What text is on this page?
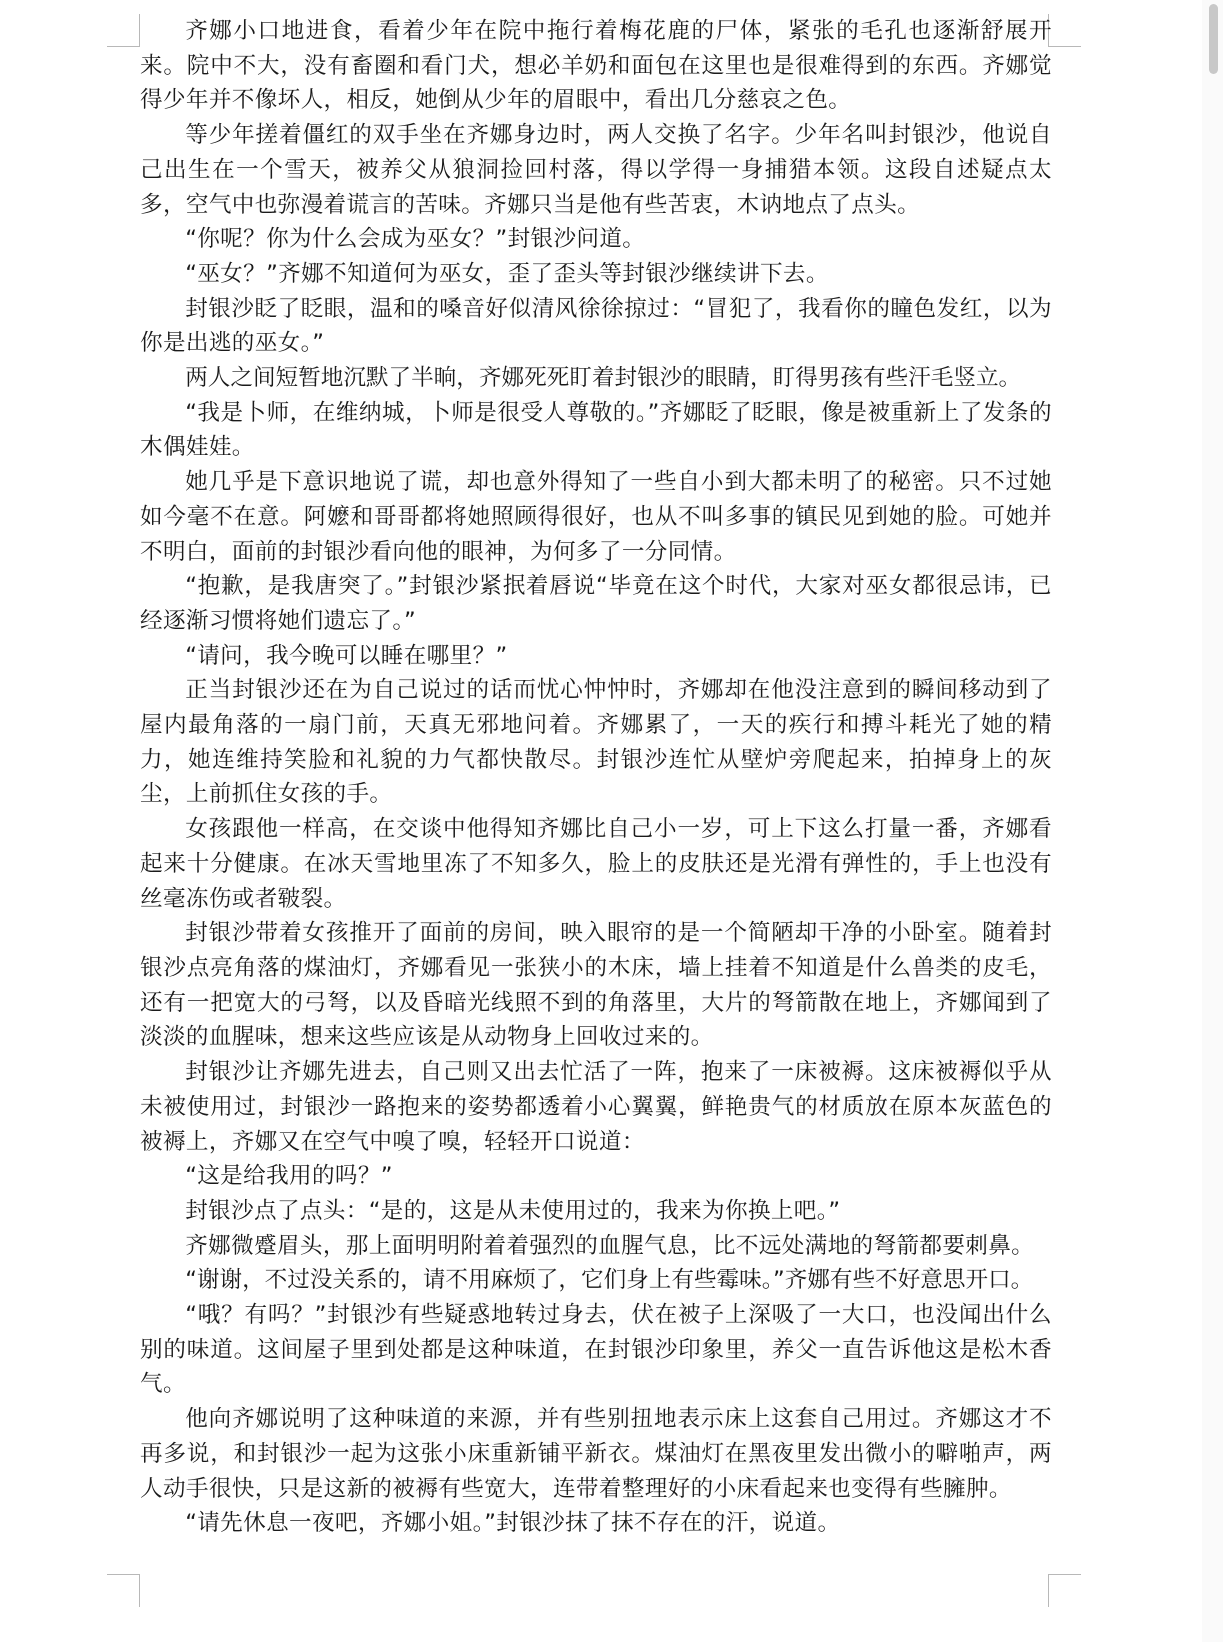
齐娜小口地进食，看着少年在院中拖行着梅花鹿的尸体，紧张的毛孔也逐渐舒展开来。院中不大，没有畜圈和看门犬，想必羊奶和面包在这里也是很难得到的东西。齐娜觉得少年并不像坏人，相反，她倒从少年的眉眼中，看出几分慈哀之色。

等少年搓着僵红的双手坐在齐娜身边时，两人交换了名字。少年名叫封银沙，他说自己出生在一个雪天，被养父从狼洞捡回村落，得以学得一身捕猎本领。这段自述疑点太多，空气中也弥漫着谎言的苦味。齐娜只当是他有些苦衷，木讷地点了点头。

“你呢？你为什么会成为巫女？”封银沙问道。

“巫女？”齐娜不知道何为巫女，歪了歪头等封银沙继续讲下去。

封银沙眨了眨眼，温和的嗓音好似清风徐徐掠过：“冒犯了，我看你的瞳色发红，以为你是出逃的巫女。”

两人之间短暂地沉默了半晌，齐娜死死盯着封银沙的眼睛，盯得男孩有些汗毛竖立。

“我是卜师，在维纳城，卜师是很受人尊敬的。”齐娜眨了眨眼，像是被重新上了发条的木偶娃娃。

她几乎是下意识地说了谎，却也意外得知了一些自小到大都未明了的秘密。只不过她如今毫不在意。阿嬷和哥哥都将她照顾得很好，也从不叫多事的镇民见到她的脸。可她并不明白，面前的封银沙看向他的眼神，为何多了一分同情。

“抱歉，是我唐突了。”封银沙紧抿着唇说“毕竟在这个时代，大家对巫女都很忌讳，已经逐渐习惯将她们遗忘了。”

“请问，我今晚可以睡在哪里？”

正当封银沙还在为自己说过的话而忧心忡忡时，齐娜却在他没注意到的瞬间移动到了屋内最角落的一扇门前，天真无邪地问着。齐娜累了，一天的疾行和搏斗耗光了她的精力，她连维持笑脸和礼貌的力气都快散尽。封银沙连忙从壁炉旁爬起来，拍掉身上的灰尘，上前抓住女孩的手。

女孩跟他一样高，在交谈中他得知齐娜比自己小一岁，可上下这么打量一番，齐娜看起来十分健康。在冰天雪地里冻了不知多久，脸上的皮肤还是光滑有弹性的，手上也没有丝毫冻伤或者皲裂。

封银沙带着女孩推开了面前的房间，映入眼帘的是一个简陋却干净的小卧室。随着封银沙点亮角落的煤油灯，齐娜看见一张狭小的木床，墙上挂着不知道是什么兽类的皮毛，还有一把宽大的弓弩，以及昏暗光线照不到的角落里，大片的弩箭散在地上，齐娜闻到了淡淡的血腥味，想来这些应该是从动物身上回收过来的。

封银沙让齐娜先进去，自己则又出去忙活了一阵，抱来了一床被褥。这床被褥似乎从未被使用过，封银沙一路抱来的姿势都透着小心翼翼，鲜艳贵气的材质放在原本灰蓝色的被褥上，齐娜又在空气中嗅了嗅，轻轻开口说道：

“这是给我用的吗？”

封银沙点了点头：“是的，这是从未使用过的，我来为你换上吧。”

齐娜微蹙眉头，那上面明明附着着强烈的血腥气息，比不远处满地的弩箭都要刺鼻。

“谢谢，不过没关系的，请不用麻烦了，它们身上有些霉味。”齐娜有些不好意思开口。

“哦？有吗？”封银沙有些疑惑地转过身去，伏在被子上深吸了一大口，也没闻出什么别的味道。这间屋子里到处都是这种味道，在封银沙印象里，养父一直告诉他这是松木香气。

他向齐娜说明了这种味道的来源，并有些别扭地表示床上这套自己用过。齐娜这才不再多说，和封银沙一起为这张小床重新铺平新衣。煤油灯在黑夜里发出微小的噼啪声，两人动手很快，只是这新的被褥有些宽大，连带着整理好的小床看起来也变得有些臃肿。

“请先休息一夜吧，齐娜小姐。”封银沙抹了抹不存在的汗，说道。
